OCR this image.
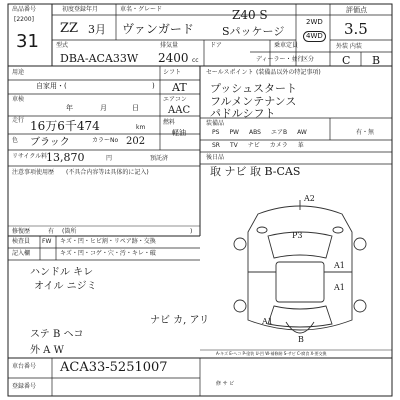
出品番号
[2200]
31
初度登録年月
ZZ 3月
車名・グレード
ヴァンガード
Z40 S
Sパッケージ
2WD
4WD
評価点
3.5
外装 内装
C B
ドア	乗車定員
ディーラー・並行
区分
型式
DBA-ACA33W
排気量
2400 cc
用途
自家用・(	)
シフト
AT
車検
年	月	日
エアコン
AAC
走行 16万6千474	km
燃料
軽油
色 ブラック	カラーNo 202
リサイクル料
13,870	円	預託済
注意事項使用歴 (不具合内容等は具体的に記入)
修復歴	有 (箇所	)
セールスポイント (装備品以外の特記事項)
プッシュスタート
フルメンテナンス
パドルシフト
装備品
PS PW ABS エアB AW	有・無
SR TV ナビ カメラ 革
後日品
取 ナビ 取 B-CAS
検査員 FW キズ・凹・ヒビ割・リペア跡・交換
記入欄	キズ・凹・コゲ・穴・汚・キレ・破
ハンドル キレ
オイル ニジミ
ナビ カ, アリ
ステ B ヘコ
外 A W
車台番号 ACA33-5251007
登録番号
A2
P3
A1
A1
A1
B
A-キズ E-ヘコ P-塗装 U-凹 W-補修跡 S-サビ C-腐食 X-要交換
修 サ ビ
